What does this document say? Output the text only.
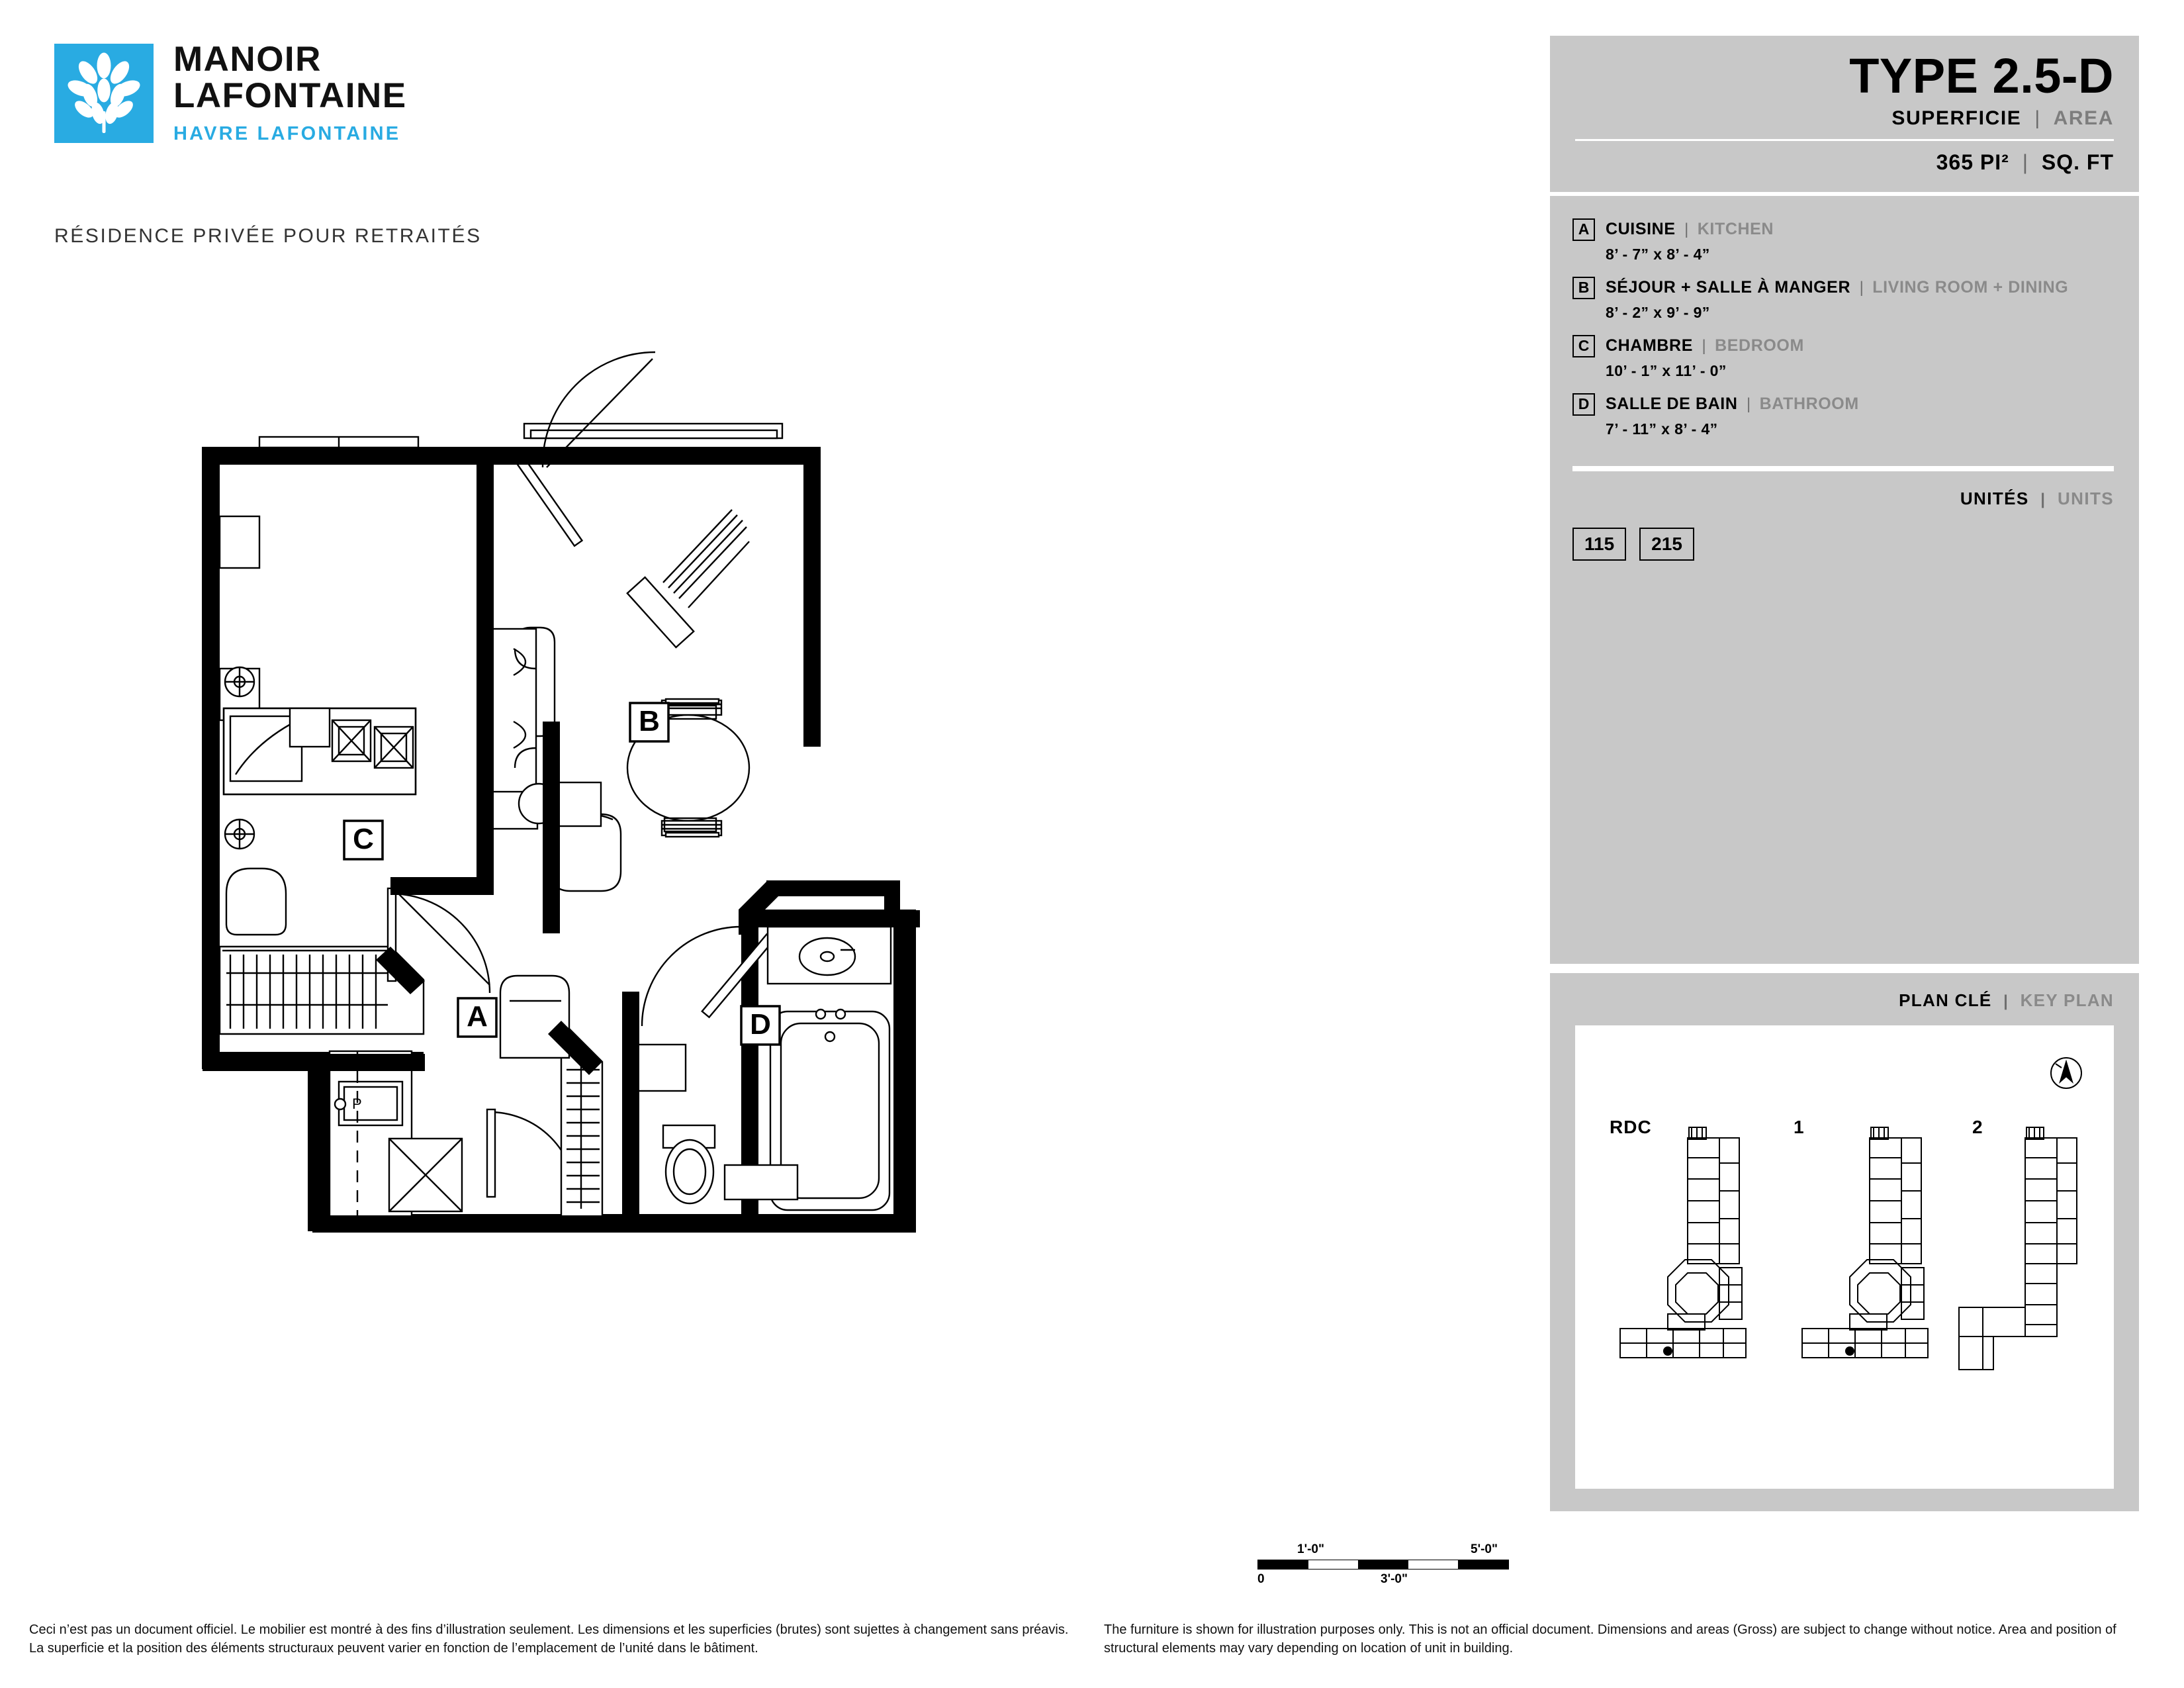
MANOIR
LAFONTAINE
HAVRE LAFONTAINE
RÉSIDENCE PRIVÉE POUR RETRAITÉS
TYPE 2.5-D
SUPERFICIE | AREA
365 PI² | SQ. FT
A CUISINE | KITCHEN
8’ - 7” x 8’ - 4”
B SÉJOUR + SALLE À MANGER | LIVING ROOM + DINING
8’ - 2” x 9’ - 9”
C CHAMBRE | BEDROOM
10’ - 1” x 11’ - 0”
D SALLE DE BAIN | BATHROOM
7’ - 11” x 8’ - 4”
UNITÉS | UNITS
115	215
PLAN CLÉ | KEY PLAN
RDC	1	2
P
A
B
C
D
1'-0"	5'-0"
0	3'-0"
Ceci n’est pas un document officiel. Le mobilier est montré à des fins d’illustration seulement. Les dimensions et les superficies (brutes) sont sujettes à changement sans préavis. La superficie et la position des éléments structuraux peuvent varier en fonction de l’emplacement de l’unité dans le bâtiment.
The furniture is shown for illustration purposes only. This is not an official document. Dimensions and areas (Gross) are subject to change without notice. Area and position of structural elements may vary depending on location of unit in building.
